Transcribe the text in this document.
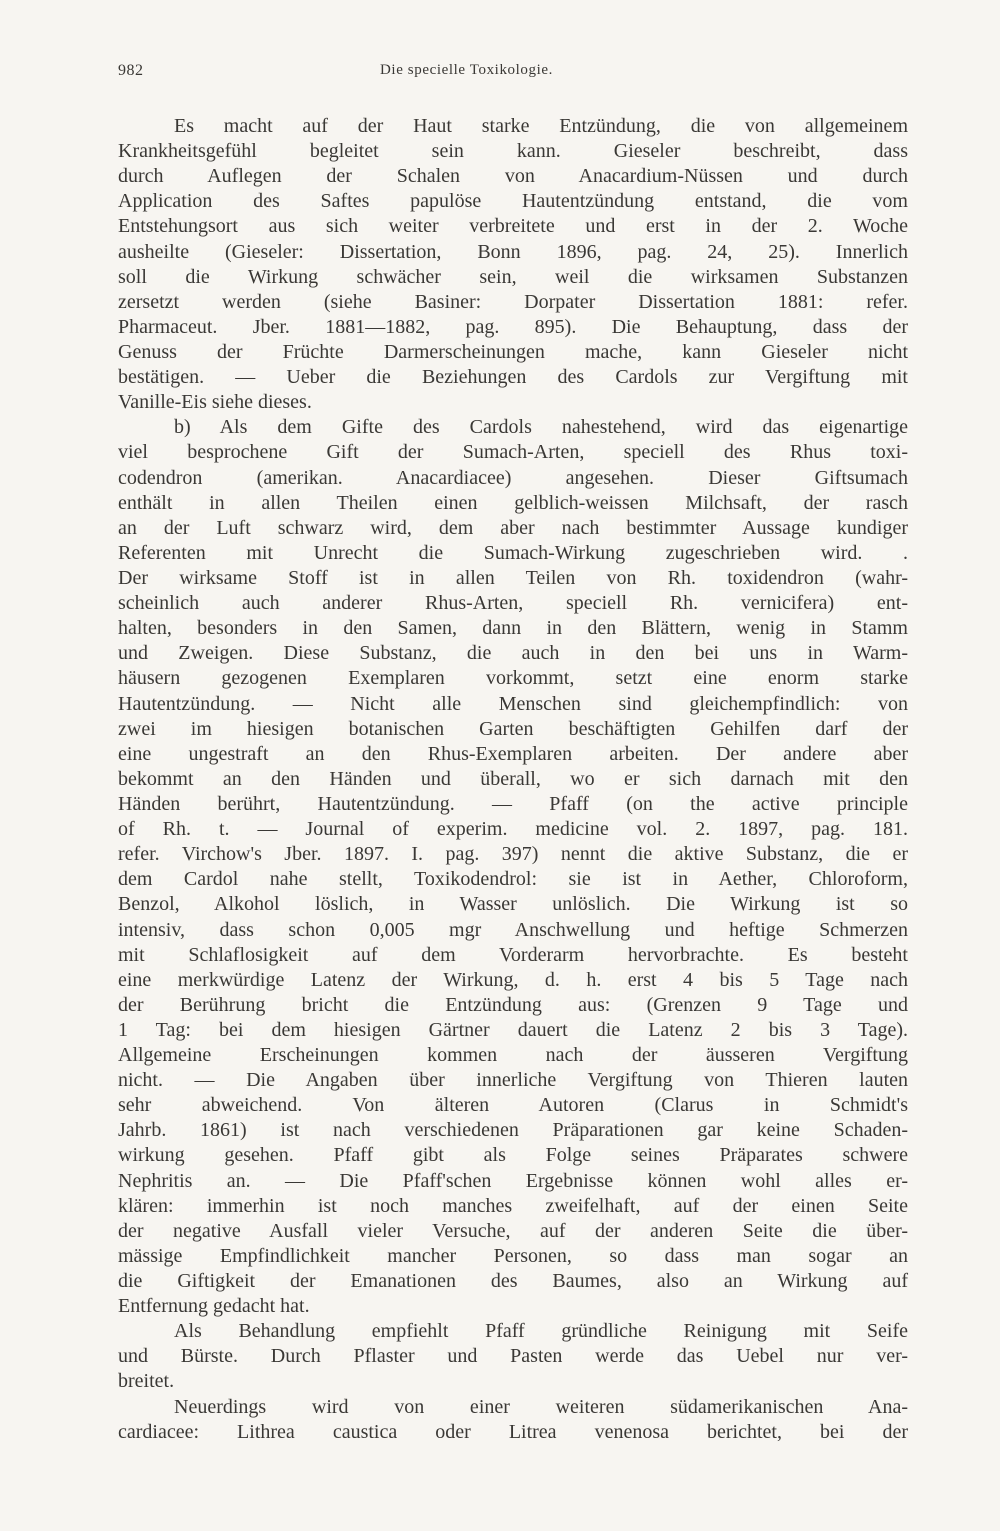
982	Die specielle Toxikologie.
Es macht auf der Haut starke Entzündung, die von allgemeinem
Krankheitsgefühl begleitet sein kann. Gieseler beschreibt, dass
durch Auflegen der Schalen von Anacardium-Nüssen und durch
Application des Saftes papulöse Hautentzündung entstand, die vom
Entstehungsort aus sich weiter verbreitete und erst in der 2. Woche
ausheilte (Gieseler: Dissertation, Bonn 1896, pag. 24, 25). Innerlich
soll die Wirkung schwächer sein, weil die wirksamen Substanzen
zersetzt werden (siehe Basiner: Dorpater Dissertation 1881: refer.
Pharmaceut. Jber. 1881—1882, pag. 895). Die Behauptung, dass der
Genuss der Früchte Darmerscheinungen mache, kann Gieseler nicht
bestätigen. — Ueber die Beziehungen des Cardols zur Vergiftung mit
Vanille-Eis siehe dieses.
b) Als dem Gifte des Cardols nahestehend, wird das eigenartige
viel besprochene Gift der Sumach-Arten, speciell des Rhus toxi-
codendron (amerikan. Anacardiacee) angesehen. Dieser Giftsumach
enthält in allen Theilen einen gelblich-weissen Milchsaft, der rasch
an der Luft schwarz wird, dem aber nach bestimmter Aussage kundiger
Referenten mit Unrecht die Sumach-Wirkung zugeschrieben wird. .
Der wirksame Stoff ist in allen Teilen von Rh. toxidendron (wahr-
scheinlich auch anderer Rhus-Arten, speciell Rh. vernicifera) ent-
halten, besonders in den Samen, dann in den Blättern, wenig in Stamm
und Zweigen. Diese Substanz, die auch in den bei uns in Warm-
häusern gezogenen Exemplaren vorkommt, setzt eine enorm starke
Hautentzündung. — Nicht alle Menschen sind gleichempfindlich: von
zwei im hiesigen botanischen Garten beschäftigten Gehilfen darf der
eine ungestraft an den Rhus-Exemplaren arbeiten. Der andere aber
bekommt an den Händen und überall, wo er sich darnach mit den
Händen berührt, Hautentzündung. — Pfaff (on the active principle
of Rh. t. — Journal of experim. medicine vol. 2. 1897, pag. 181.
refer. Virchow's Jber. 1897. I. pag. 397) nennt die aktive Substanz, die er
dem Cardol nahe stellt, Toxikodendrol: sie ist in Aether, Chloroform,
Benzol, Alkohol löslich, in Wasser unlöslich. Die Wirkung ist so
intensiv, dass schon 0,005 mgr Anschwellung und heftige Schmerzen
mit Schlaflosigkeit auf dem Vorderarm hervorbrachte. Es besteht
eine merkwürdige Latenz der Wirkung, d. h. erst 4 bis 5 Tage nach
der Berührung bricht die Entzündung aus: (Grenzen 9 Tage und
1 Tag: bei dem hiesigen Gärtner dauert die Latenz 2 bis 3 Tage).
Allgemeine Erscheinungen kommen nach der äusseren Vergiftung
nicht. — Die Angaben über innerliche Vergiftung von Thieren lauten
sehr abweichend. Von älteren Autoren (Clarus in Schmidt's
Jahrb. 1861) ist nach verschiedenen Präparationen gar keine Schaden-
wirkung gesehen. Pfaff gibt als Folge seines Präparates schwere
Nephritis an. — Die Pfaff'schen Ergebnisse können wohl alles er-
klären: immerhin ist noch manches zweifelhaft, auf der einen Seite
der negative Ausfall vieler Versuche, auf der anderen Seite die über-
mässige Empfindlichkeit mancher Personen, so dass man sogar an
die Giftigkeit der Emanationen des Baumes, also an Wirkung auf
Entfernung gedacht hat.
Als Behandlung empfiehlt Pfaff gründliche Reinigung mit Seife
und Bürste. Durch Pflaster und Pasten werde das Uebel nur ver-
breitet.
Neuerdings wird von einer weiteren südamerikanischen Ana-
cardiacee: Lithrea caustica oder Litrea venenosa berichtet, bei der
